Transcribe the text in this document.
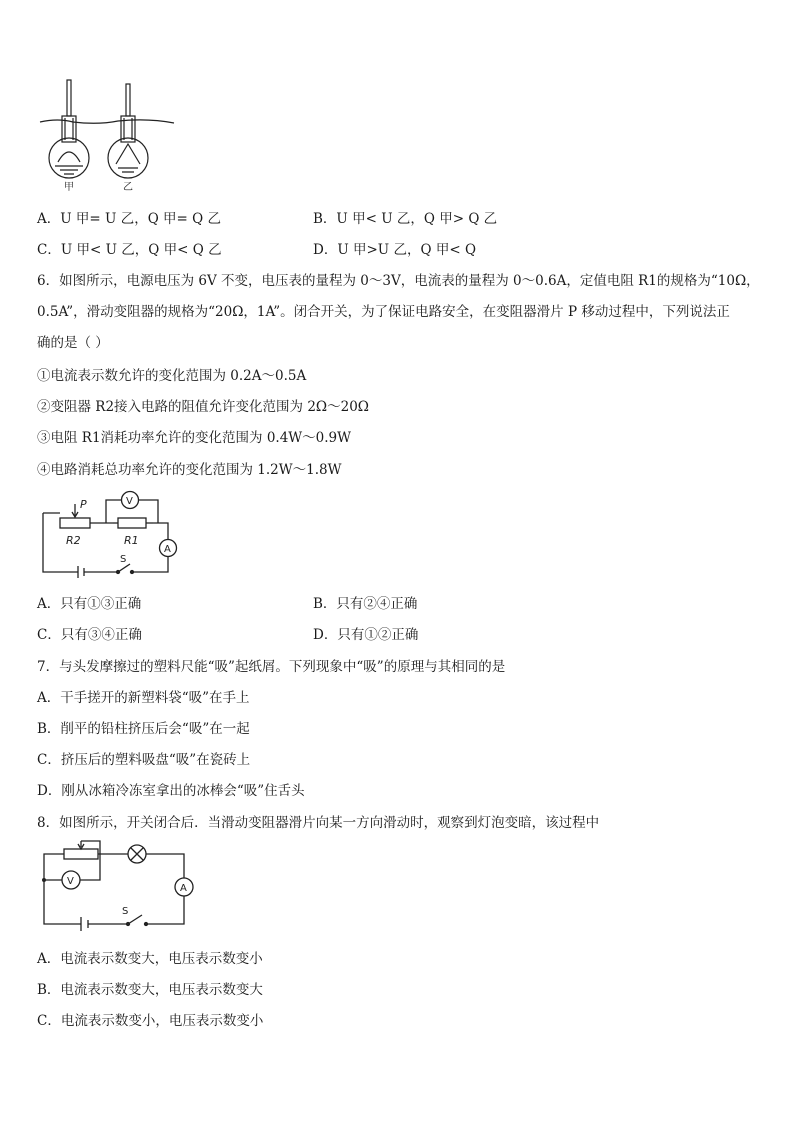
甲	乙
A．U 甲= U 乙，Q 甲= Q 乙	B．U 甲< U 乙，Q 甲> Q 乙
C．U 甲< U 乙，Q 甲< Q 乙	D．U 甲>U 乙，Q 甲< Q
6．如图所示，电源电压为 6V 不变，电压表的量程为 0～3V，电流表的量程为 0～0.6A，定值电阻 R1的规格为“10Ω，
0.5A”，滑动变阻器的规格为“20Ω，1A”。闭合开关，为了保证电路安全，在变阻器滑片 P 移动过程中，下列说法正
确的是（ ）
①电流表示数允许的变化范围为 0.2A～0.5A
②变阻器 R2接入电路的阻值允许变化范围为 2Ω～20Ω
③电阻 R1消耗功率允许的变化范围为 0.4W～0.9W
④电路消耗总功率允许的变化范围为 1.2W～1.8W
V
A
P
R2	R1
S
A．只有①③正确	B．只有②④正确
C．只有③④正确	D．只有①②正确
7．与头发摩擦过的塑料尺能“吸”起纸屑。下列现象中“吸”的原理与其相同的是
A．干手搓开的新塑料袋“吸”在手上
B．削平的铅柱挤压后会“吸”在一起
C．挤压后的塑料吸盘“吸”在瓷砖上
D．刚从冰箱冷冻室拿出的冰棒会“吸”住舌头
8．如图所示，开关闭合后．当滑动变阻器滑片向某一方向滑动时，观察到灯泡变暗，该过程中
V
A
S
A．电流表示数变大，电压表示数变小
B．电流表示数变大，电压表示数变大
C．电流表示数变小，电压表示数变小
